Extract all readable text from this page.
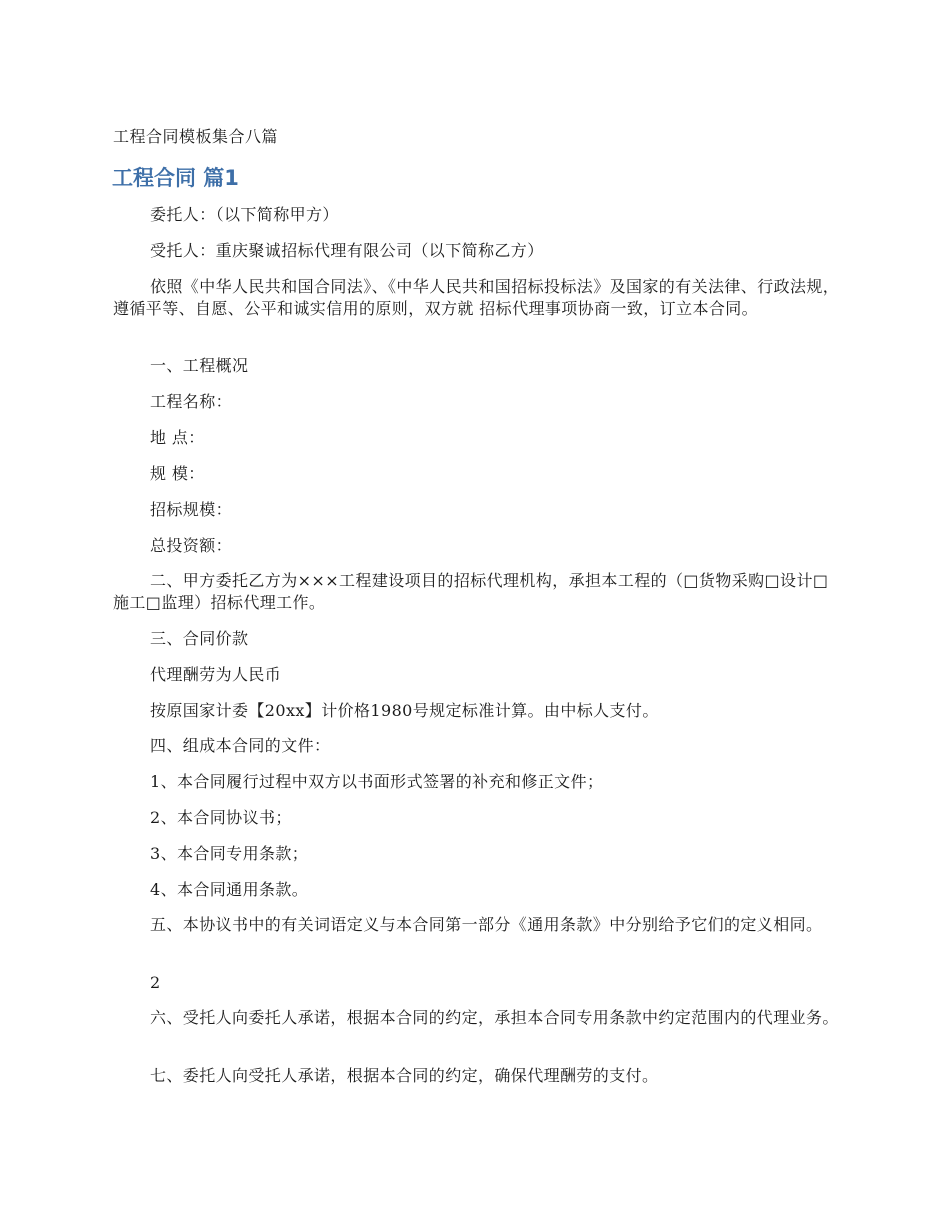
工程合同模板集合八篇
工程合同 篇1
委托人：（以下简称甲方）
受托人：重庆聚诚招标代理有限公司（以下简称乙方）
依照《中华人民共和国合同法》、《中华人民共和国招标投标法》及国家的有关法律、行政法规，遵循平等、自愿、公平和诚实信用的原则，双方就 招标代理事项协商一致，订立本合同。
一、工程概况
工程名称：
地 点：
规 模：
招标规模：
总投资额：
二、甲方委托乙方为×××工程建设项目的招标代理机构，承担本工程的（□货物采购□设计□施工□监理）招标代理工作。
三、合同价款
代理酬劳为人民币
按原国家计委【20xx】计价格1980号规定标准计算。由中标人支付。
四、组成本合同的文件：
1、本合同履行过程中双方以书面形式签署的补充和修正文件；
2、本合同协议书；
3、本合同专用条款；
4、本合同通用条款。
五、本协议书中的有关词语定义与本合同第一部分《通用条款》中分别给予它们的定义相同。
2
六、受托人向委托人承诺，根据本合同的约定，承担本合同专用条款中约定范围内的代理业务。
七、委托人向受托人承诺，根据本合同的约定，确保代理酬劳的支付。
